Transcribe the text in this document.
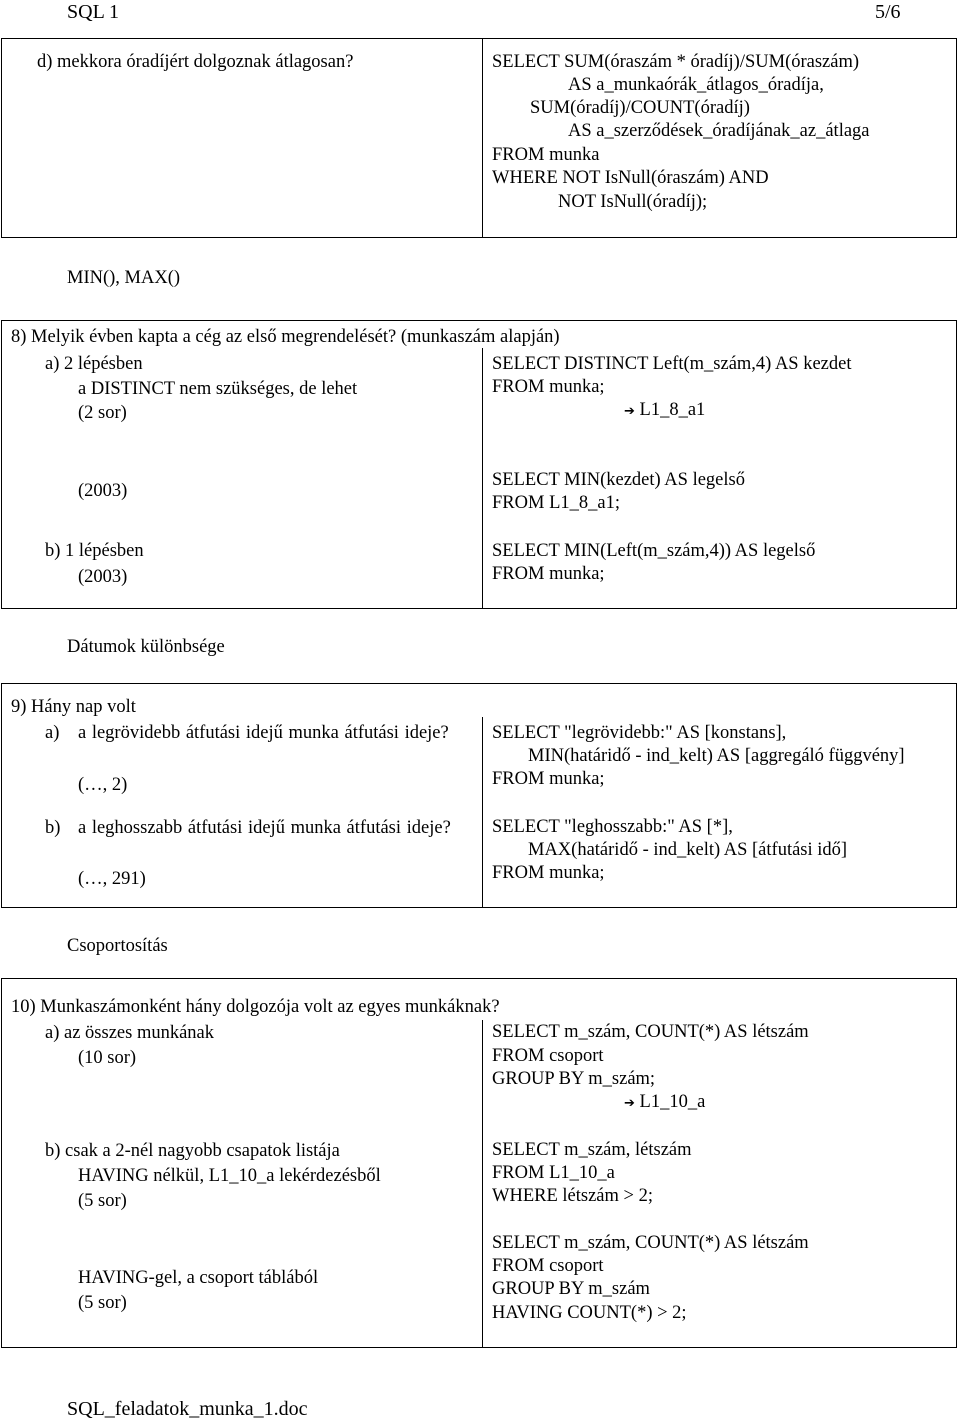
SQL 1	5/6
d) mekkora óradíjért dolgoznak átlagosan?	SELECT SUM(óraszám * óradíj)/SUM(óraszám)
AS a_munkaórák_átlagos_óradíja,
SUM(óradíj)/COUNT(óradíj)
AS a_szerződések_óradíjának_az_átlaga
FROM munka
WHERE NOT IsNull(óraszám) AND
NOT IsNull(óradíj);
MIN(), MAX()
8) Melyik évben kapta a cég az első megrendelését? (munkaszám alapján)
a) 2 lépésben
a DISTINCT nem szükséges, de lehet
(2 sor)
SELECT DISTINCT Left(m_szám,4) AS kezdet
FROM munka;
➔ L1_8_a1
(2003)
SELECT MIN(kezdet) AS legelső
FROM L1_8_a1;
b) 1 lépésben
(2003)
SELECT MIN(Left(m_szám,4)) AS legelső
FROM munka;
Dátumok különbsége
9) Hány nap volt
a) a legrövidebb átfutási idejű munka átfutási ideje?
(…, 2)
SELECT "legrövidebb:" AS [konstans],
MIN(határidő - ind_kelt) AS [aggregáló függvény]
FROM munka;
b) a leghosszabb átfutási idejű munka átfutási ideje?
(…, 291)
SELECT "leghosszabb:" AS [*],
MAX(határidő - ind_kelt) AS [átfutási idő]
FROM munka;
Csoportosítás
10) Munkaszámonként hány dolgozója volt az egyes munkáknak?
a) az összes munkának
(10 sor)
SELECT m_szám, COUNT(*) AS létszám
FROM csoport
GROUP BY m_szám;
➔ L1_10_a
b) csak a 2-nél nagyobb csapatok listája
HAVING nélkül, L1_10_a lekérdezésből
(5 sor)
SELECT m_szám, létszám
FROM L1_10_a
WHERE létszám > 2;
HAVING-gel, a csoport táblából
(5 sor)
SELECT m_szám, COUNT(*) AS létszám
FROM csoport
GROUP BY m_szám
HAVING COUNT(*) > 2;
SQL_feladatok_munka_1.doc
